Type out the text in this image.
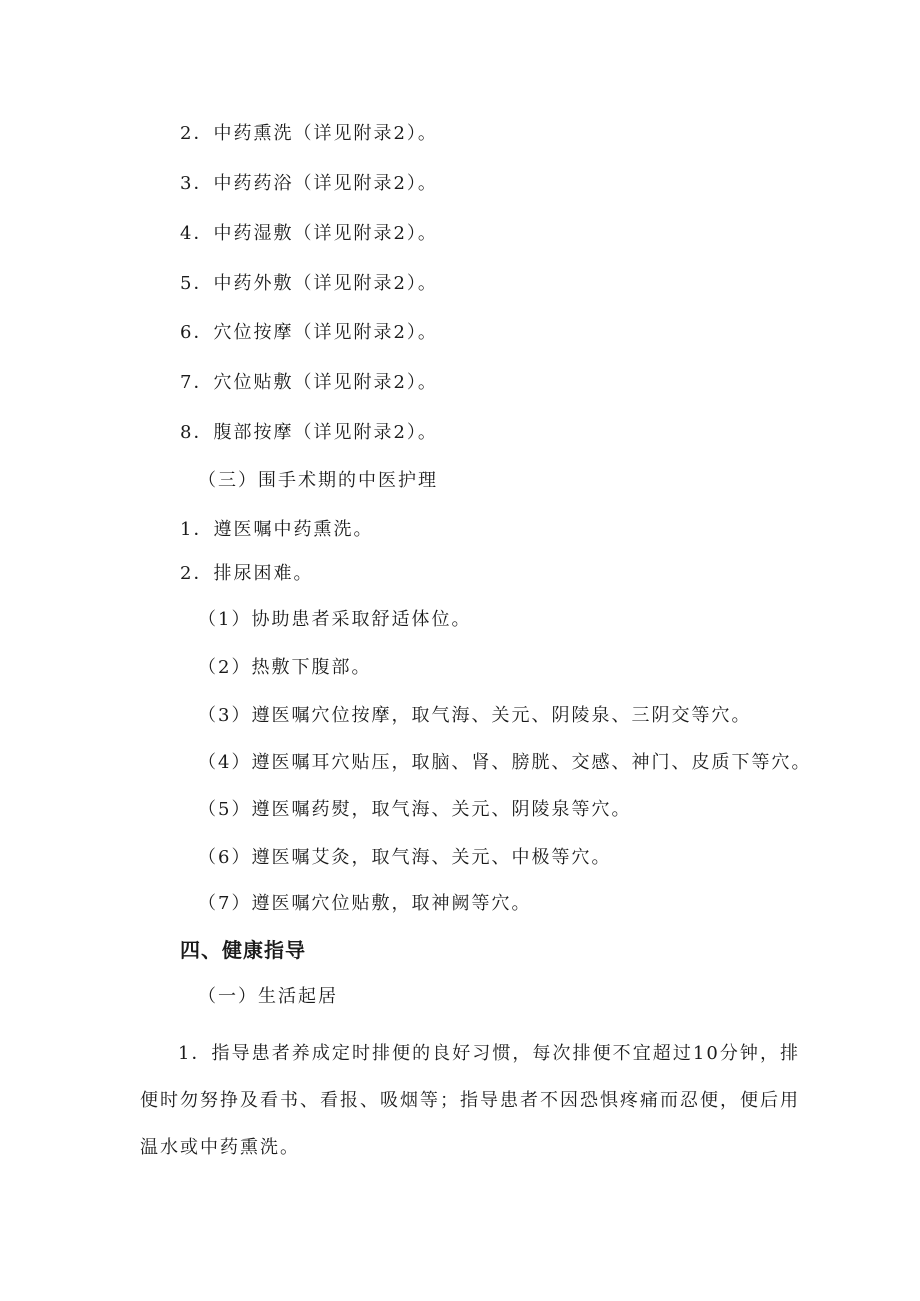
2．中药熏洗（详见附录2）。
3．中药药浴（详见附录2）。
4．中药湿敷（详见附录2）。
5．中药外敷（详见附录2）。
6．穴位按摩（详见附录2）。
7．穴位贴敷（详见附录2）。
8．腹部按摩（详见附录2）。
（三）围手术期的中医护理
1．遵医嘱中药熏洗。
2．排尿困难。
（1）协助患者采取舒适体位。
（2）热敷下腹部。
（3）遵医嘱穴位按摩，取气海、关元、阴陵泉、三阴交等穴。
（4）遵医嘱耳穴贴压，取脑、肾、膀胱、交感、神门、皮质下等穴。
（5）遵医嘱药熨，取气海、关元、阴陵泉等穴。
（6）遵医嘱艾灸，取气海、关元、中极等穴。
（7）遵医嘱穴位贴敷，取神阙等穴。
四、健康指导
（一）生活起居
1．指导患者养成定时排便的良好习惯，每次排便不宜超过10分钟，排便时勿努挣及看书、看报、吸烟等；指导患者不因恐惧疼痛而忍便，便后用温水或中药熏洗。
